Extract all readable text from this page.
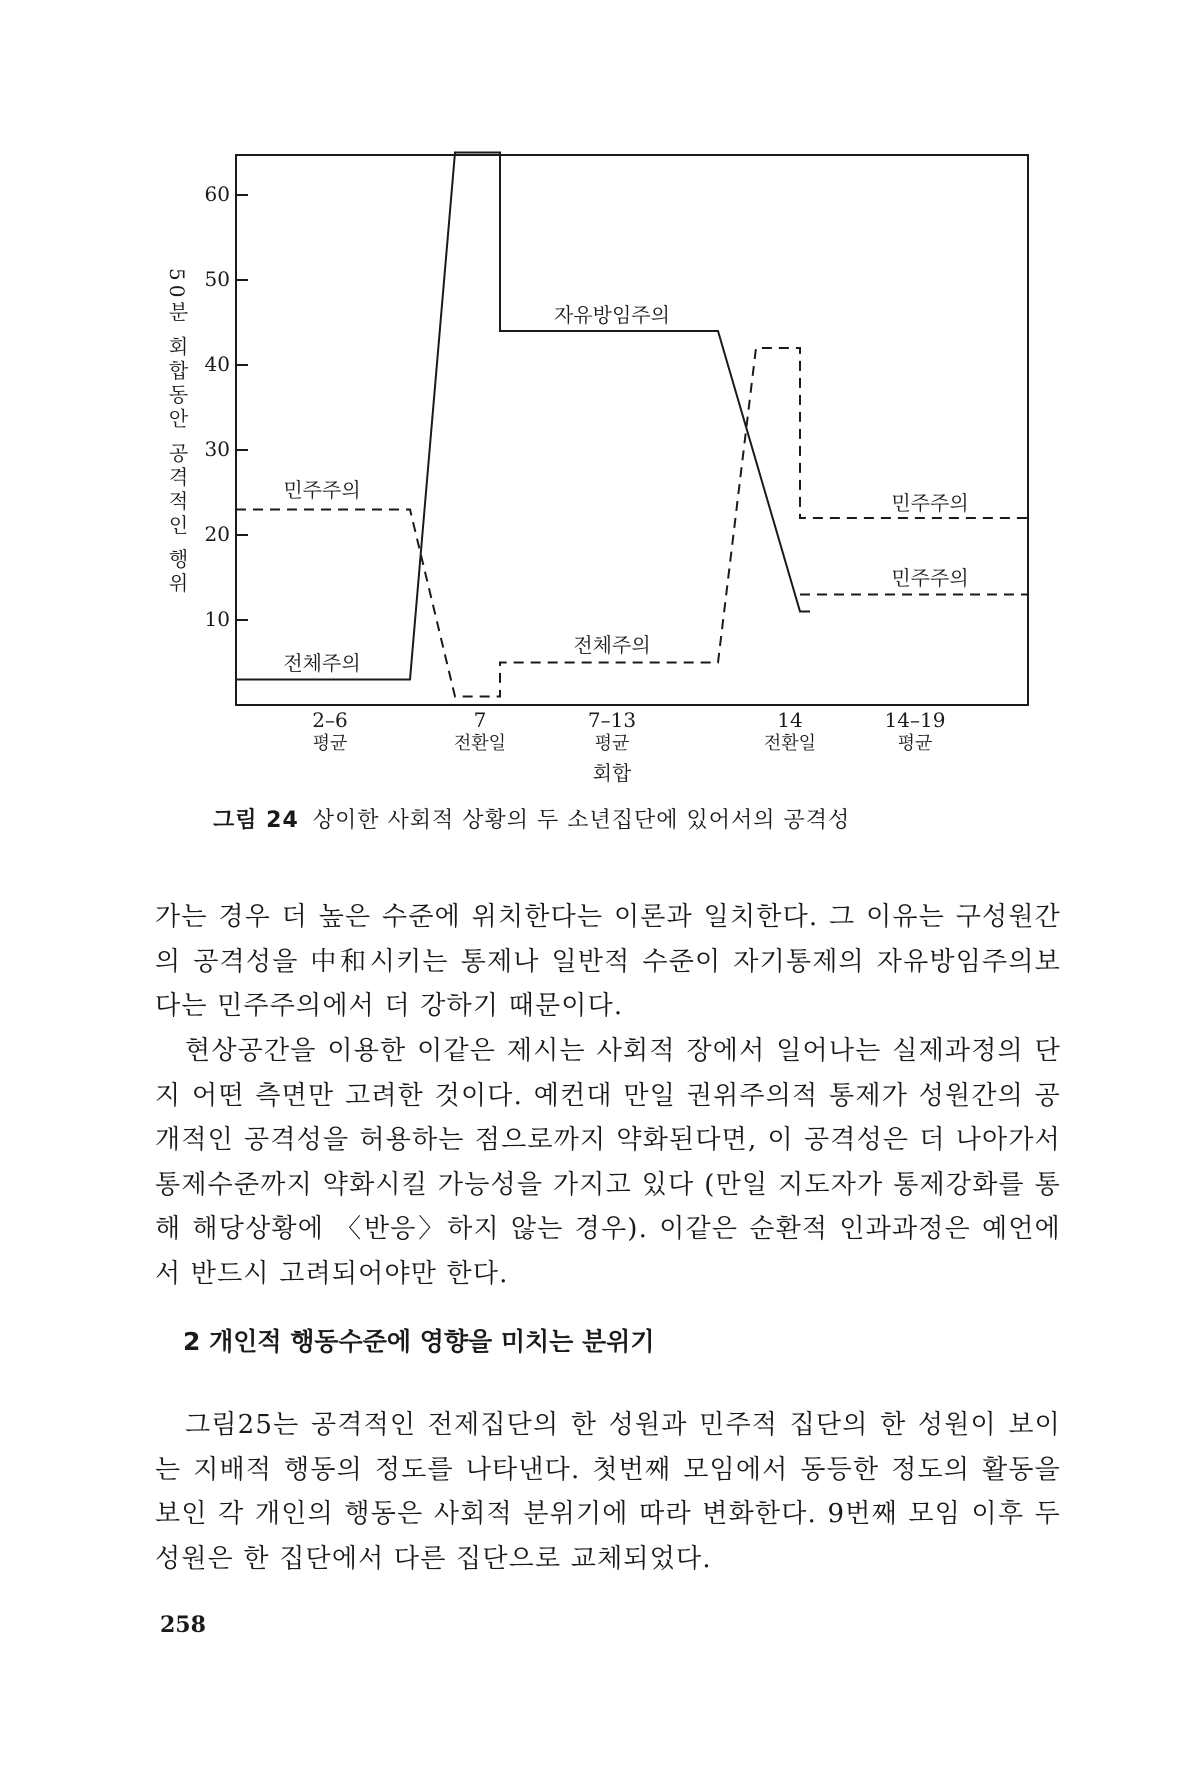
10
20
30
40
50
60
2–6
평균
7
전환일
7–13
평균
14
전환일
14–19
평균
전체주의
민주주의
자유방임주의
전체주의
민주주의
민주주의
50분 회합동안 공격적인 행위
회합
그림 24 상이한 사회적 상황의 두 소년집단에 있어서의 공격성

가는 경우 더 높은 수준에 위치한다는 이론과 일치한다. 그 이유는 구성원간의 공격성을 中和시키는 통제나 일반적 수준이 자기통제의 자유방임주의보다는 민주주의에서 더 강하기 때문이다.

현상공간을 이용한 이같은 제시는 사회적 장에서 일어나는 실제과정의 단지 어떤 측면만 고려한 것이다. 예컨대 만일 권위주의적 통제가 성원간의 공개적인 공격성을 허용하는 점으로까지 약화된다면, 이 공격성은 더 나아가서 통제수준까지 약화시킬 가능성을 가지고 있다 (만일 지도자가 통제강화를 통해 해당상황에 〈반응〉하지 않는 경우). 이같은 순환적 인과과정은 예언에서 반드시 고려되어야만 한다.

2 개인적 행동수준에 영향을 미치는 분위기

그림25는 공격적인 전제집단의 한 성원과 민주적 집단의 한 성원이 보이는 지배적 행동의 정도를 나타낸다. 첫번째 모임에서 동등한 정도의 활동을 보인 각 개인의 행동은 사회적 분위기에 따라 변화한다. 9번째 모임 이후 두 성원은 한 집단에서 다른 집단으로 교체되었다.

258
